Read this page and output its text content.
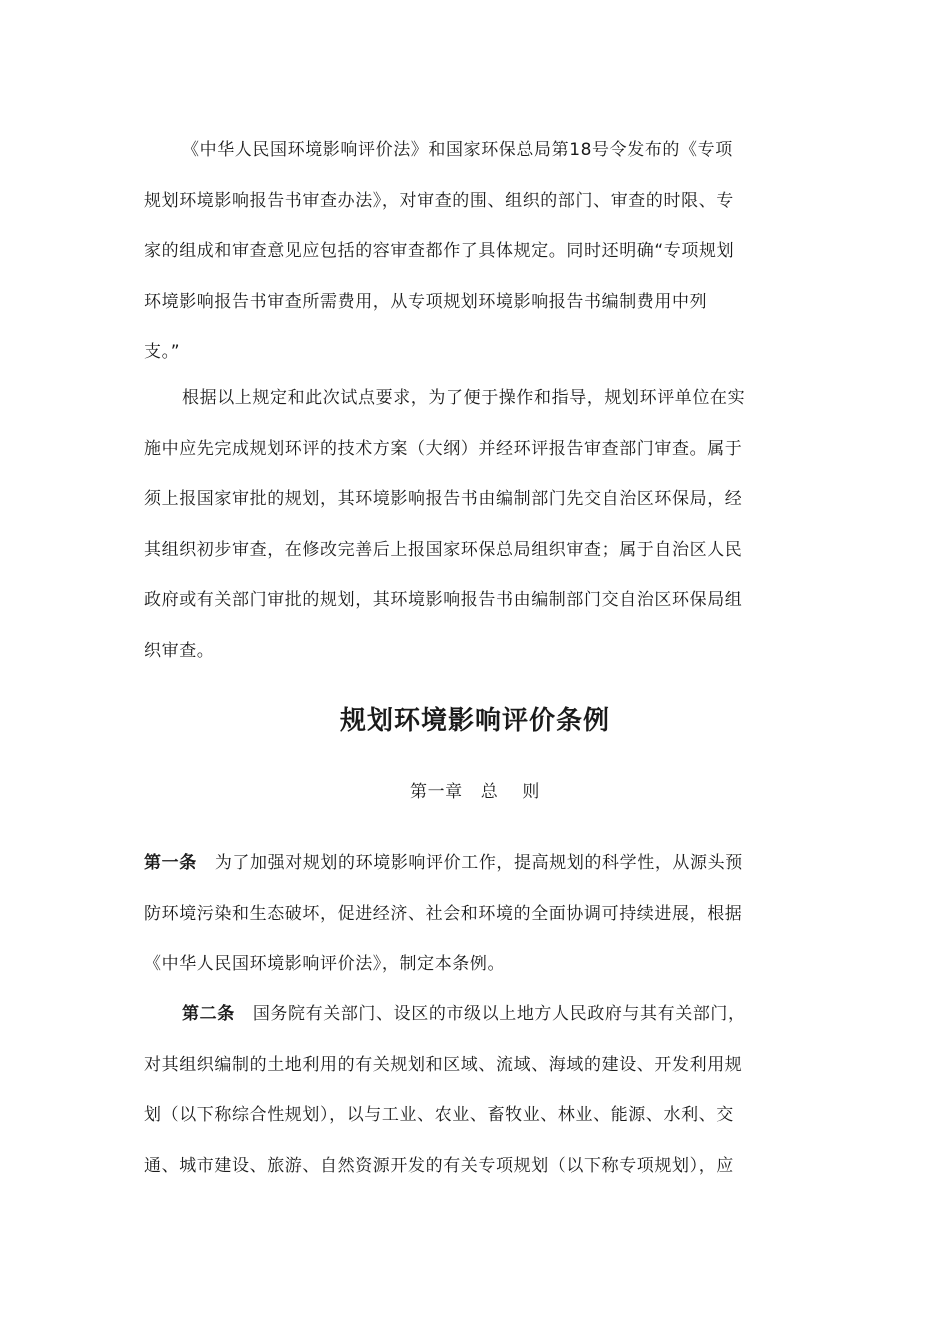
《中华人民国环境影响评价法》和国家环保总局第18号令发布的《专项
规划环境影响报告书审查办法》，对审查的围、组织的部门、审查的时限、专
家的组成和审查意见应包括的容审查都作了具体规定。同时还明确“专项规划
环境影响报告书审查所需费用，从专项规划环境影响报告书编制费用中列
支。”
根据以上规定和此次试点要求，为了便于操作和指导，规划环评单位在实
施中应先完成规划环评的技术方案（大纲）并经环评报告审查部门审查。属于
须上报国家审批的规划，其环境影响报告书由编制部门先交自治区环保局，经
其组织初步审查，在修改完善后上报国家环保总局组织审查；属于自治区人民
政府或有关部门审批的规划，其环境影响报告书由编制部门交自治区环保局组
织审查。
规划环境影响评价条例
第一章 总    则
第一条 为了加强对规划的环境影响评价工作，提高规划的科学性，从源头预
防环境污染和生态破坏，促进经济、社会和环境的全面协调可持续进展，根据
《中华人民国环境影响评价法》，制定本条例。
第二条 国务院有关部门、设区的市级以上地方人民政府与其有关部门，
对其组织编制的土地利用的有关规划和区域、流域、海域的建设、开发利用规
划（以下称综合性规划），以与工业、农业、畜牧业、林业、能源、水利、交
通、城市建设、旅游、自然资源开发的有关专项规划（以下称专项规划），应
